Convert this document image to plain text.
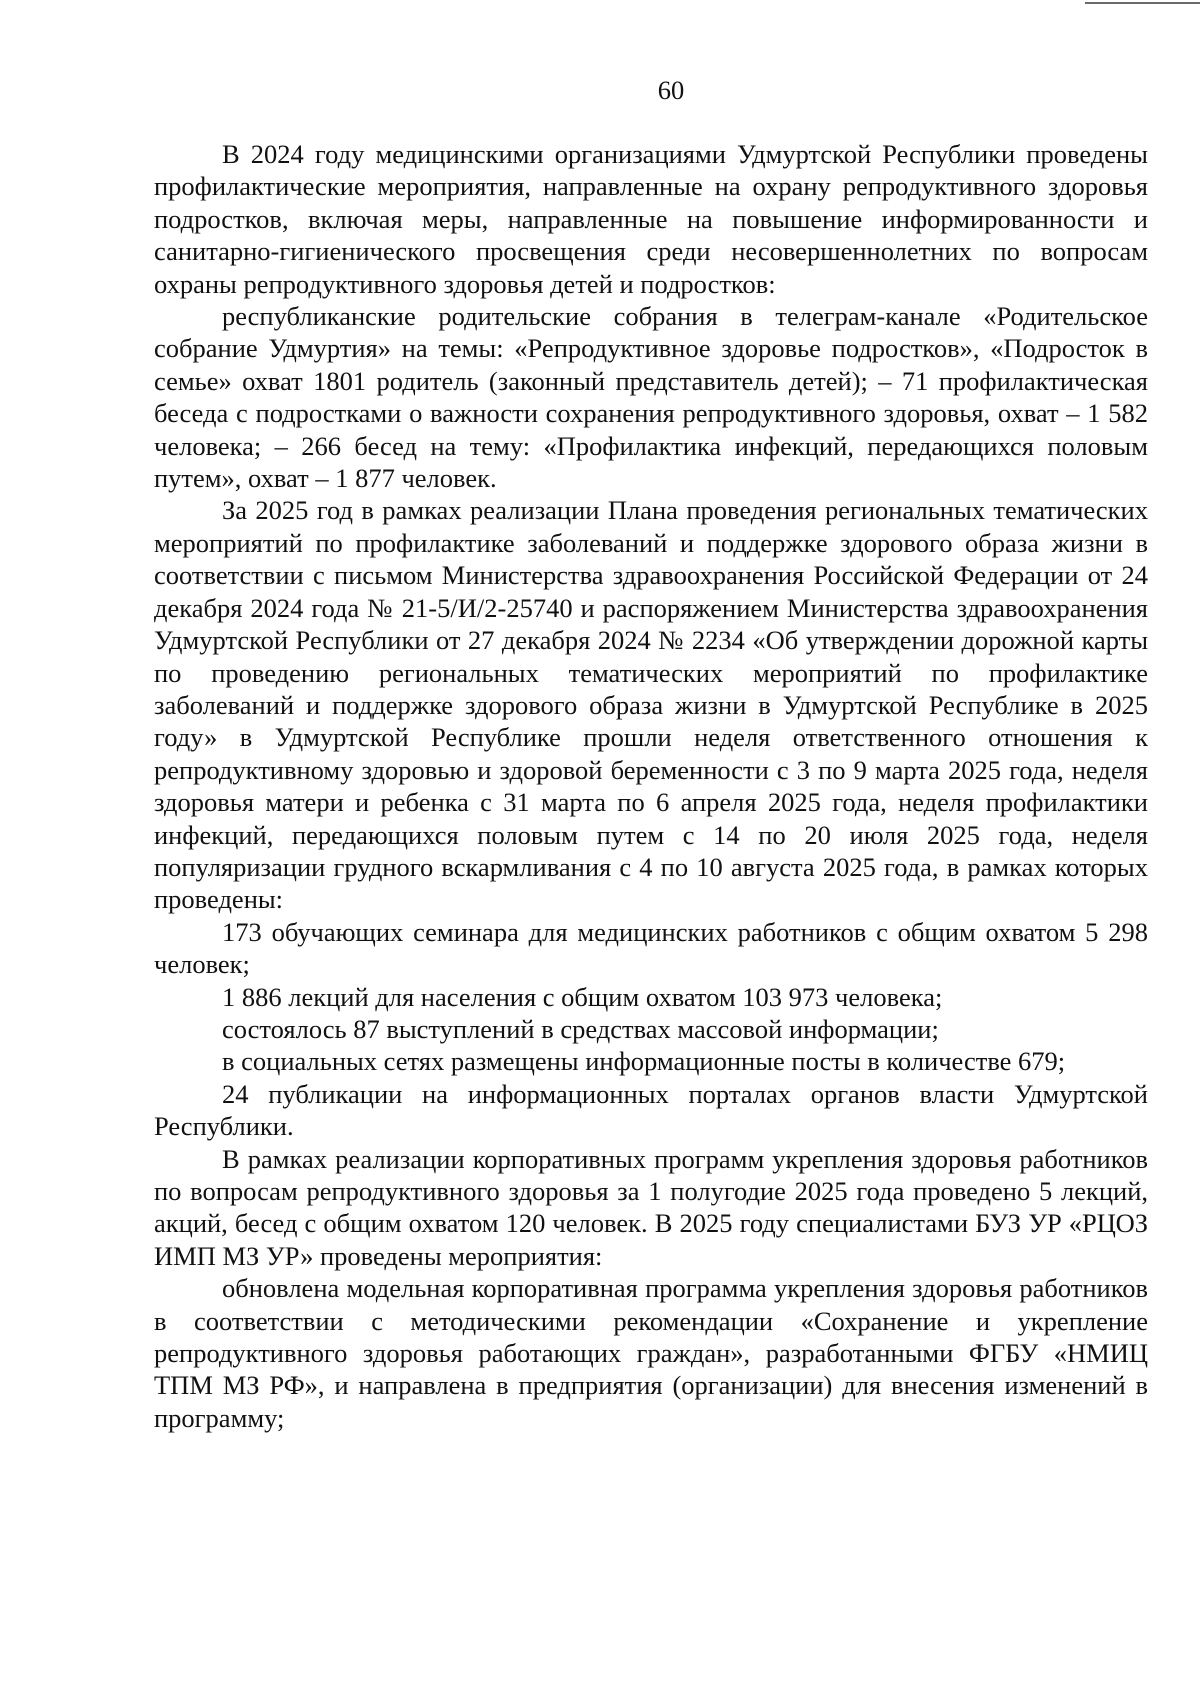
60

В 2024 году медицинскими организациями Удмуртской Республики проведены профилактические мероприятия, направленные на охрану репродуктивного здоровья подростков, включая меры, направленные на повышение информированности и санитарно-гигиенического просвещения среди несовершеннолетних по вопросам охраны репродуктивного здоровья детей и подростков:

республиканские родительские собрания в телеграм-канале «Родительское собрание Удмуртия» на темы: «Репродуктивное здоровье подростков», «Подросток в семье» охват 1801 родитель (законный представитель детей); – 71 профилактическая беседа с подростками о важности сохранения репродуктивного здоровья, охват – 1 582 человека; – 266 бесед на тему: «Профилактика инфекций, передающихся половым путем», охват – 1 877 человек.

За 2025 год в рамках реализации Плана проведения региональных тематических мероприятий по профилактике заболеваний и поддержке здорового образа жизни в соответствии с письмом Министерства здравоохранения Российской Федерации от 24 декабря 2024 года № 21-5/И/2-25740 и распоряжением Министерства здравоохранения Удмуртской Республики от 27 декабря 2024 № 2234 «Об утверждении дорожной карты по проведению региональных тематических мероприятий по профилактике заболеваний и поддержке здорового образа жизни в Удмуртской Республике в 2025 году» в Удмуртской Республике прошли неделя ответственного отношения к репродуктивному здоровью и здоровой беременности с 3 по 9 марта 2025 года, неделя здоровья матери и ребенка с 31 марта по 6 апреля 2025 года, неделя профилактики инфекций, передающихся половым путем с 14 по 20 июля 2025 года, неделя популяризации грудного вскармливания с 4 по 10 августа 2025 года, в рамках которых проведены:

173 обучающих семинара для медицинских работников с общим охватом 5 298 человек;

1 886 лекций для населения с общим охватом 103 973 человека;

состоялось 87 выступлений в средствах массовой информации;

в социальных сетях размещены информационные посты в количестве 679;

24 публикации на информационных порталах органов власти Удмуртской Республики.

В рамках реализации корпоративных программ укрепления здоровья работников по вопросам репродуктивного здоровья за 1 полугодие 2025 года проведено 5 лекций, акций, бесед с общим охватом 120 человек. В 2025 году специалистами БУЗ УР «РЦОЗ ИМП МЗ УР» проведены мероприятия:

обновлена модельная корпоративная программа укрепления здоровья работников в соответствии с методическими рекомендации «Сохранение и укрепление репродуктивного здоровья работающих граждан», разработанными ФГБУ «НМИЦ ТПМ МЗ РФ», и направлена в предприятия (организации) для внесения изменений в программу;
